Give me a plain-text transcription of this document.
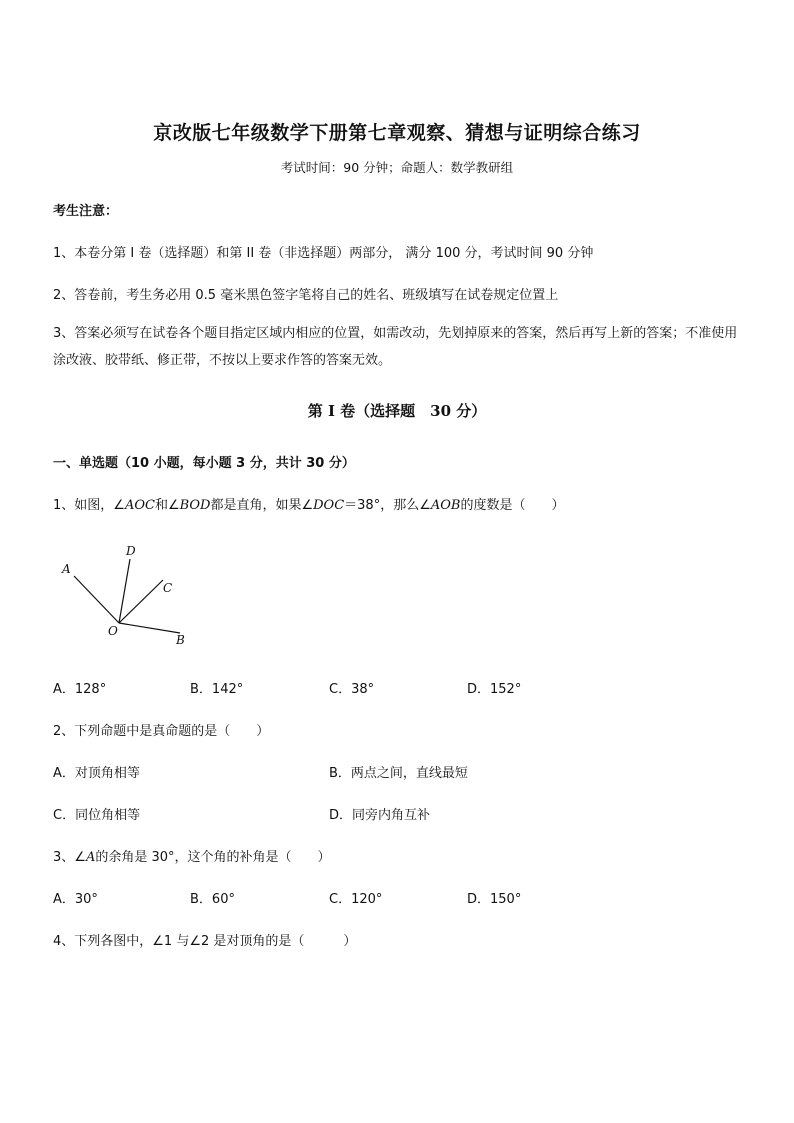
京改版七年级数学下册第七章观察、猜想与证明综合练习
考试时间：90 分钟；命题人：数学教研组
考生注意：
1、本卷分第 I 卷（选择题）和第 II 卷（非选择题）两部分， 满分 100 分，考试时间 90 分钟
2、答卷前，考生务必用 0.5 毫米黑色签字笔将自己的姓名、班级填写在试卷规定位置上
3、答案必须写在试卷各个题目指定区域内相应的位置，如需改动，先划掉原来的答案，然后再写上新的答案；不准使用涂改液、胶带纸、修正带，不按以上要求作答的答案无效。
第 I 卷（选择题　30 分）
一、单选题（10 小题，每小题 3 分，共计 30 分）
1、如图，∠AOC和∠BOD都是直角，如果∠DOC＝38°，那么∠AOB的度数是（　　）
A
D
C
O
B
A．128°	B．142°	C．38°	D．152°
2、下列命题中是真命题的是（　　）
A．对顶角相等	B．两点之间，直线最短
C．同位角相等	D．同旁内角互补
3、∠A的余角是 30°，这个角的补角是（　　）
A．30°	B．60°	C．120°	D．150°
4、下列各图中，∠1 与∠2 是对顶角的是（　　　）
